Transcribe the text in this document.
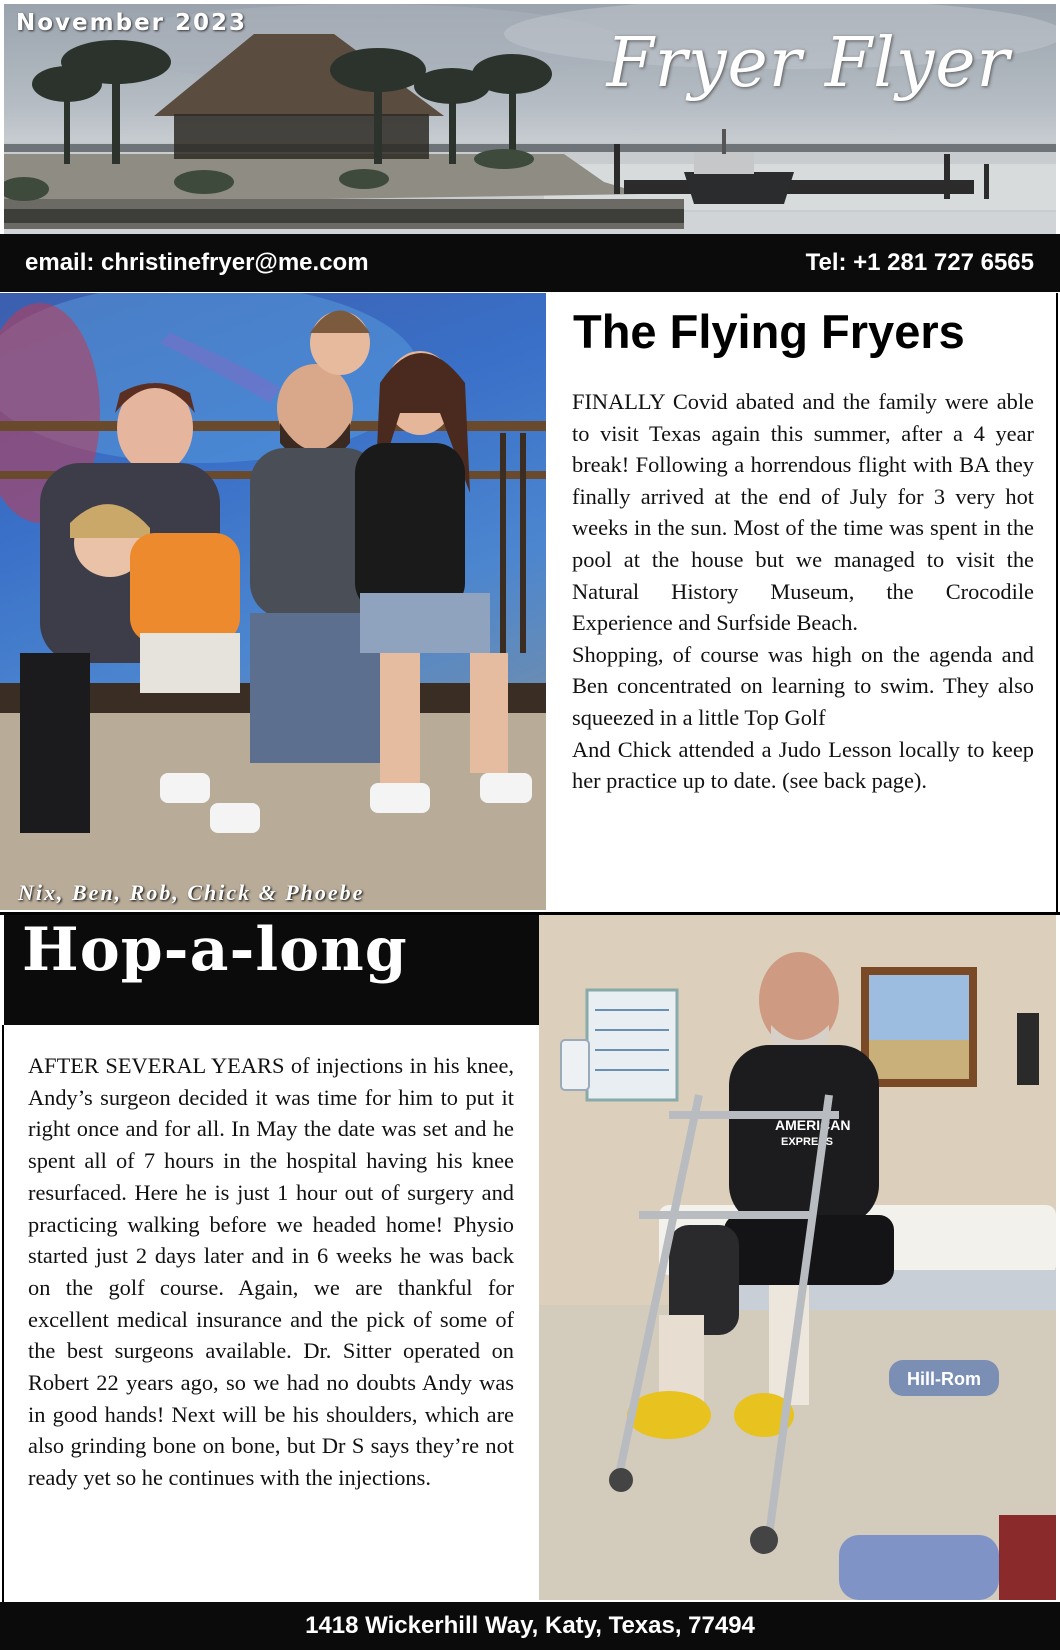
November 2023
Fryer Flyer
email: christinefryer@me.com	Tel: +1 281 727 6565
Nix, Ben, Rob, Chick & Phoebe
The Flying Fryers

FINALLY Covid abated and the family were able to visit Texas again this summer, after a 4 year break! Following a horrendous flight with BA they finally arrived at the end of July for 3 very hot weeks in the sun. Most of the time was spent in the pool at the house but we managed to visit the Natural History Museum, the Crocodile Experience and Surfside Beach.

Shopping, of course was high on the agenda and Ben concentrated on learning to swim. They also squeezed in a little Top Golf

And Chick attended a Judo Lesson locally to keep her practice up to date. (see back page).

Hop-a-long

AFTER SEVERAL YEARS of injections in his knee, Andy’s surgeon decided it was time for him to put it right once and for all. In May the date was set and he spent all of 7 hours in the hospital having his knee resurfaced. Here he is just 1 hour out of surgery and practicing walking before we headed home! Physio started just 2 days later and in 6 weeks he was back on the golf course. Again, we are thankful for excellent medical insurance and the pick of some of the best surgeons available. Dr. Sitter operated on Robert 22 years ago, so we had no doubts Andy was in good hands! Next will be his shoulders, which are also grinding bone on bone, but Dr S says they’re not ready yet so he continues with the injections.

Hill-Rom
AMERICAN
EXPRESS
1418 Wickerhill Way, Katy, Texas, 77494
